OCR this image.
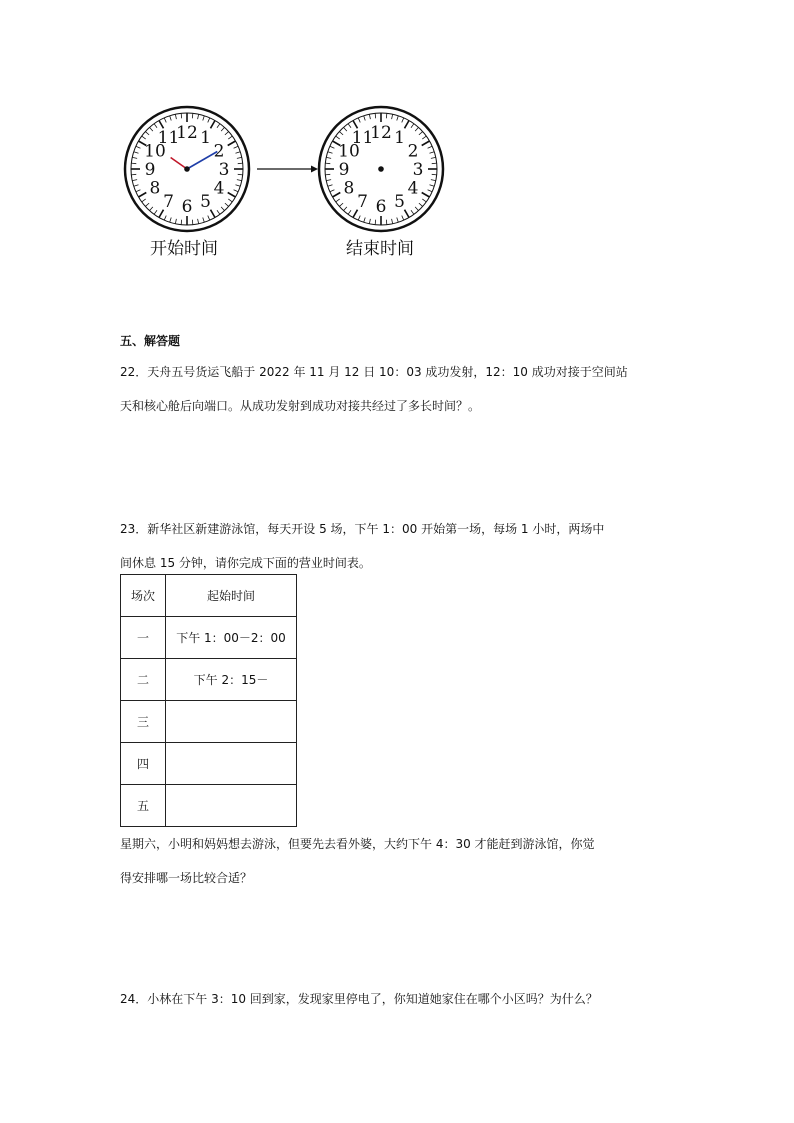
12 1
2
3
4
5
6
7
8
9
10
11	12 1
2
3
4
5
6
7
8
9
10
11
开始时间	结束时间
五、解答题
22．天舟五号货运飞船于 2022 年 11 月 12 日 10：03 成功发射，12：10 成功对接于空间站
天和核心舱后向端口。从成功发射到成功对接共经过了多长时间？。
23．新华社区新建游泳馆，每天开设 5 场，下午 1：00 开始第一场，每场 1 小时，两场中
间休息 15 分钟，请你完成下面的营业时间表。
场次	起始时间
一	下午 1：00－2：00
二	下午 2：15－
三	
四	
五	
星期六，小明和妈妈想去游泳，但要先去看外婆，大约下午 4：30 才能赶到游泳馆，你觉
得安排哪一场比较合适？
24．小林在下午 3：10 回到家，发现家里停电了，你知道她家住在哪个小区吗？为什么？
